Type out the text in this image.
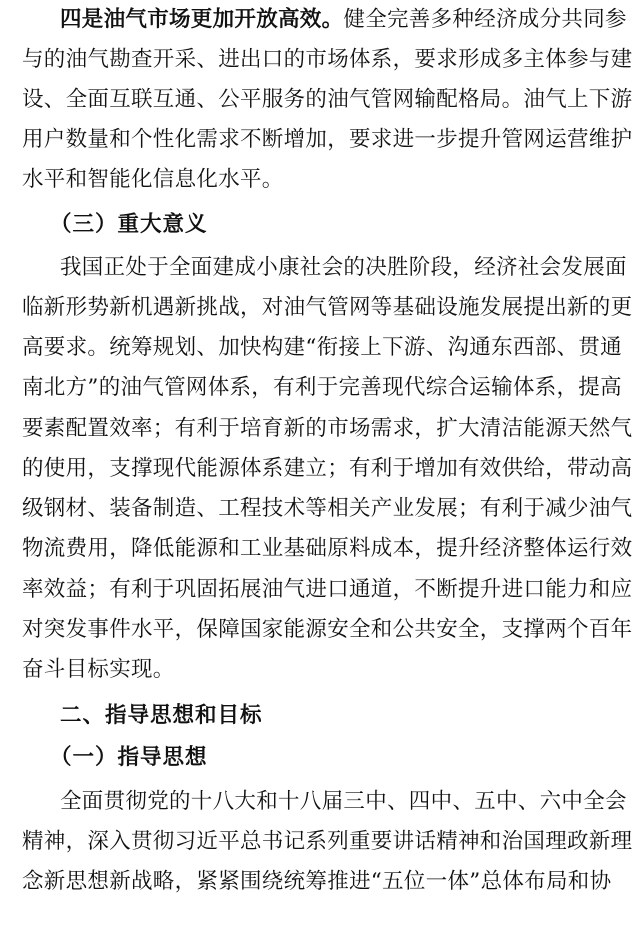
四是油气市场更加开放高效。健全完善多种经济成分共同参
与的油气勘查开采、进出口的市场体系，要求形成多主体参与建
设、全面互联互通、公平服务的油气管网输配格局。油气上下游
用户数量和个性化需求不断增加，要求进一步提升管网运营维护
水平和智能化信息化水平。
（三）重大意义
我国正处于全面建成小康社会的决胜阶段，经济社会发展面
临新形势新机遇新挑战，对油气管网等基础设施发展提出新的更
高要求。统筹规划、加快构建“衔接上下游、沟通东西部、贯通
南北方”的油气管网体系，有利于完善现代综合运输体系，提高
要素配置效率；有利于培育新的市场需求，扩大清洁能源天然气
的使用，支撑现代能源体系建立；有利于增加有效供给，带动高
级钢材、装备制造、工程技术等相关产业发展；有利于减少油气
物流费用，降低能源和工业基础原料成本，提升经济整体运行效
率效益；有利于巩固拓展油气进口通道，不断提升进口能力和应
对突发事件水平，保障国家能源安全和公共安全，支撑两个百年
奋斗目标实现。
二、指导思想和目标
（一）指导思想
全面贯彻党的十八大和十八届三中、四中、五中、六中全会
精神，深入贯彻习近平总书记系列重要讲话精神和治国理政新理
念新思想新战略，紧紧围绕统筹推进“五位一体”总体布局和协
